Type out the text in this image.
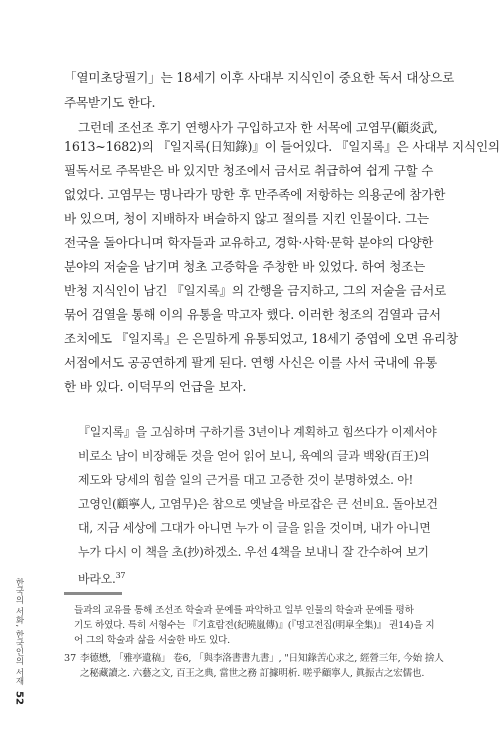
「열미초당필기」는 18세기 이후 사대부 지식인이 중요한 독서 대상으로
주목받기도 한다.
그런데 조선조 후기 연행사가 구입하고자 한 서목에 고염무(顧炎武,
1613~1682)의 『일지록(日知錄)』이 들어있다. 『일지록』은 사대부 지식인의
필독서로 주목받은 바 있지만 청조에서 금서로 취급하여 쉽게 구할 수
없었다. 고염무는 명나라가 망한 후 만주족에 저항하는 의용군에 참가한
바 있으며, 청이 지배하자 벼슬하지 않고 절의를 지킨 인물이다. 그는
전국을 돌아다니며 학자들과 교유하고, 경학·사학·문학 분야의 다양한
분야의 저술을 남기며 청초 고증학을 주창한 바 있었다. 하여 청조는
반청 지식인이 남긴 『일지록』의 간행을 금지하고, 그의 저술을 금서로
묶어 검열을 통해 이의 유통을 막고자 했다. 이러한 청조의 검열과 금서
조치에도 『일지록』은 은밀하게 유통되었고, 18세기 중엽에 오면 유리창
서점에서도 공공연하게 팔게 된다. 연행 사신은 이를 사서 국내에 유통
한 바 있다. 이덕무의 언급을 보자.
『일지록』을 고심하며 구하기를 3년이나 계획하고 힘쓰다가 이제서야
비로소 남이 비장해둔 것을 얻어 읽어 보니, 육예의 글과 백왕(百王)의
제도와 당세의 힘쓸 일의 근거를 대고 고증한 것이 분명하였소. 아!
고영인(顧寧人, 고염무)은 참으로 옛날을 바로잡은 큰 선비요. 돌아보건
대, 지금 세상에 그대가 아니면 누가 이 글을 읽을 것이며, 내가 아니면
누가 다시 이 책을 초(抄)하겠소. 우선 4책을 보내니 잘 간수하여 보기
바라오.$^{37}$
들과의 교유를 통해 조선조 학술과 문예를 파악하고 일부 인물의 학술과 문예를 평하
기도 하였다. 특히 서형수는 『기효람전(紀曉嵐傳)』(『명고전집(明皐全集)』 권14)을 지
어 그의 학술과 삶을 서술한 바도 있다.
37 李德懋, 「雅亭遺稿」 卷6, 「與李洛書書九書」, "日知錄苦心求之, 經營三年, 今始 捨人
之秘藏讀之. 六藝之文, 百王之典, 當世之務 訂據明析. 嗟乎顧寧人, 眞振古之宏儒也.
한국의 서화, 한국인의 서재
52
